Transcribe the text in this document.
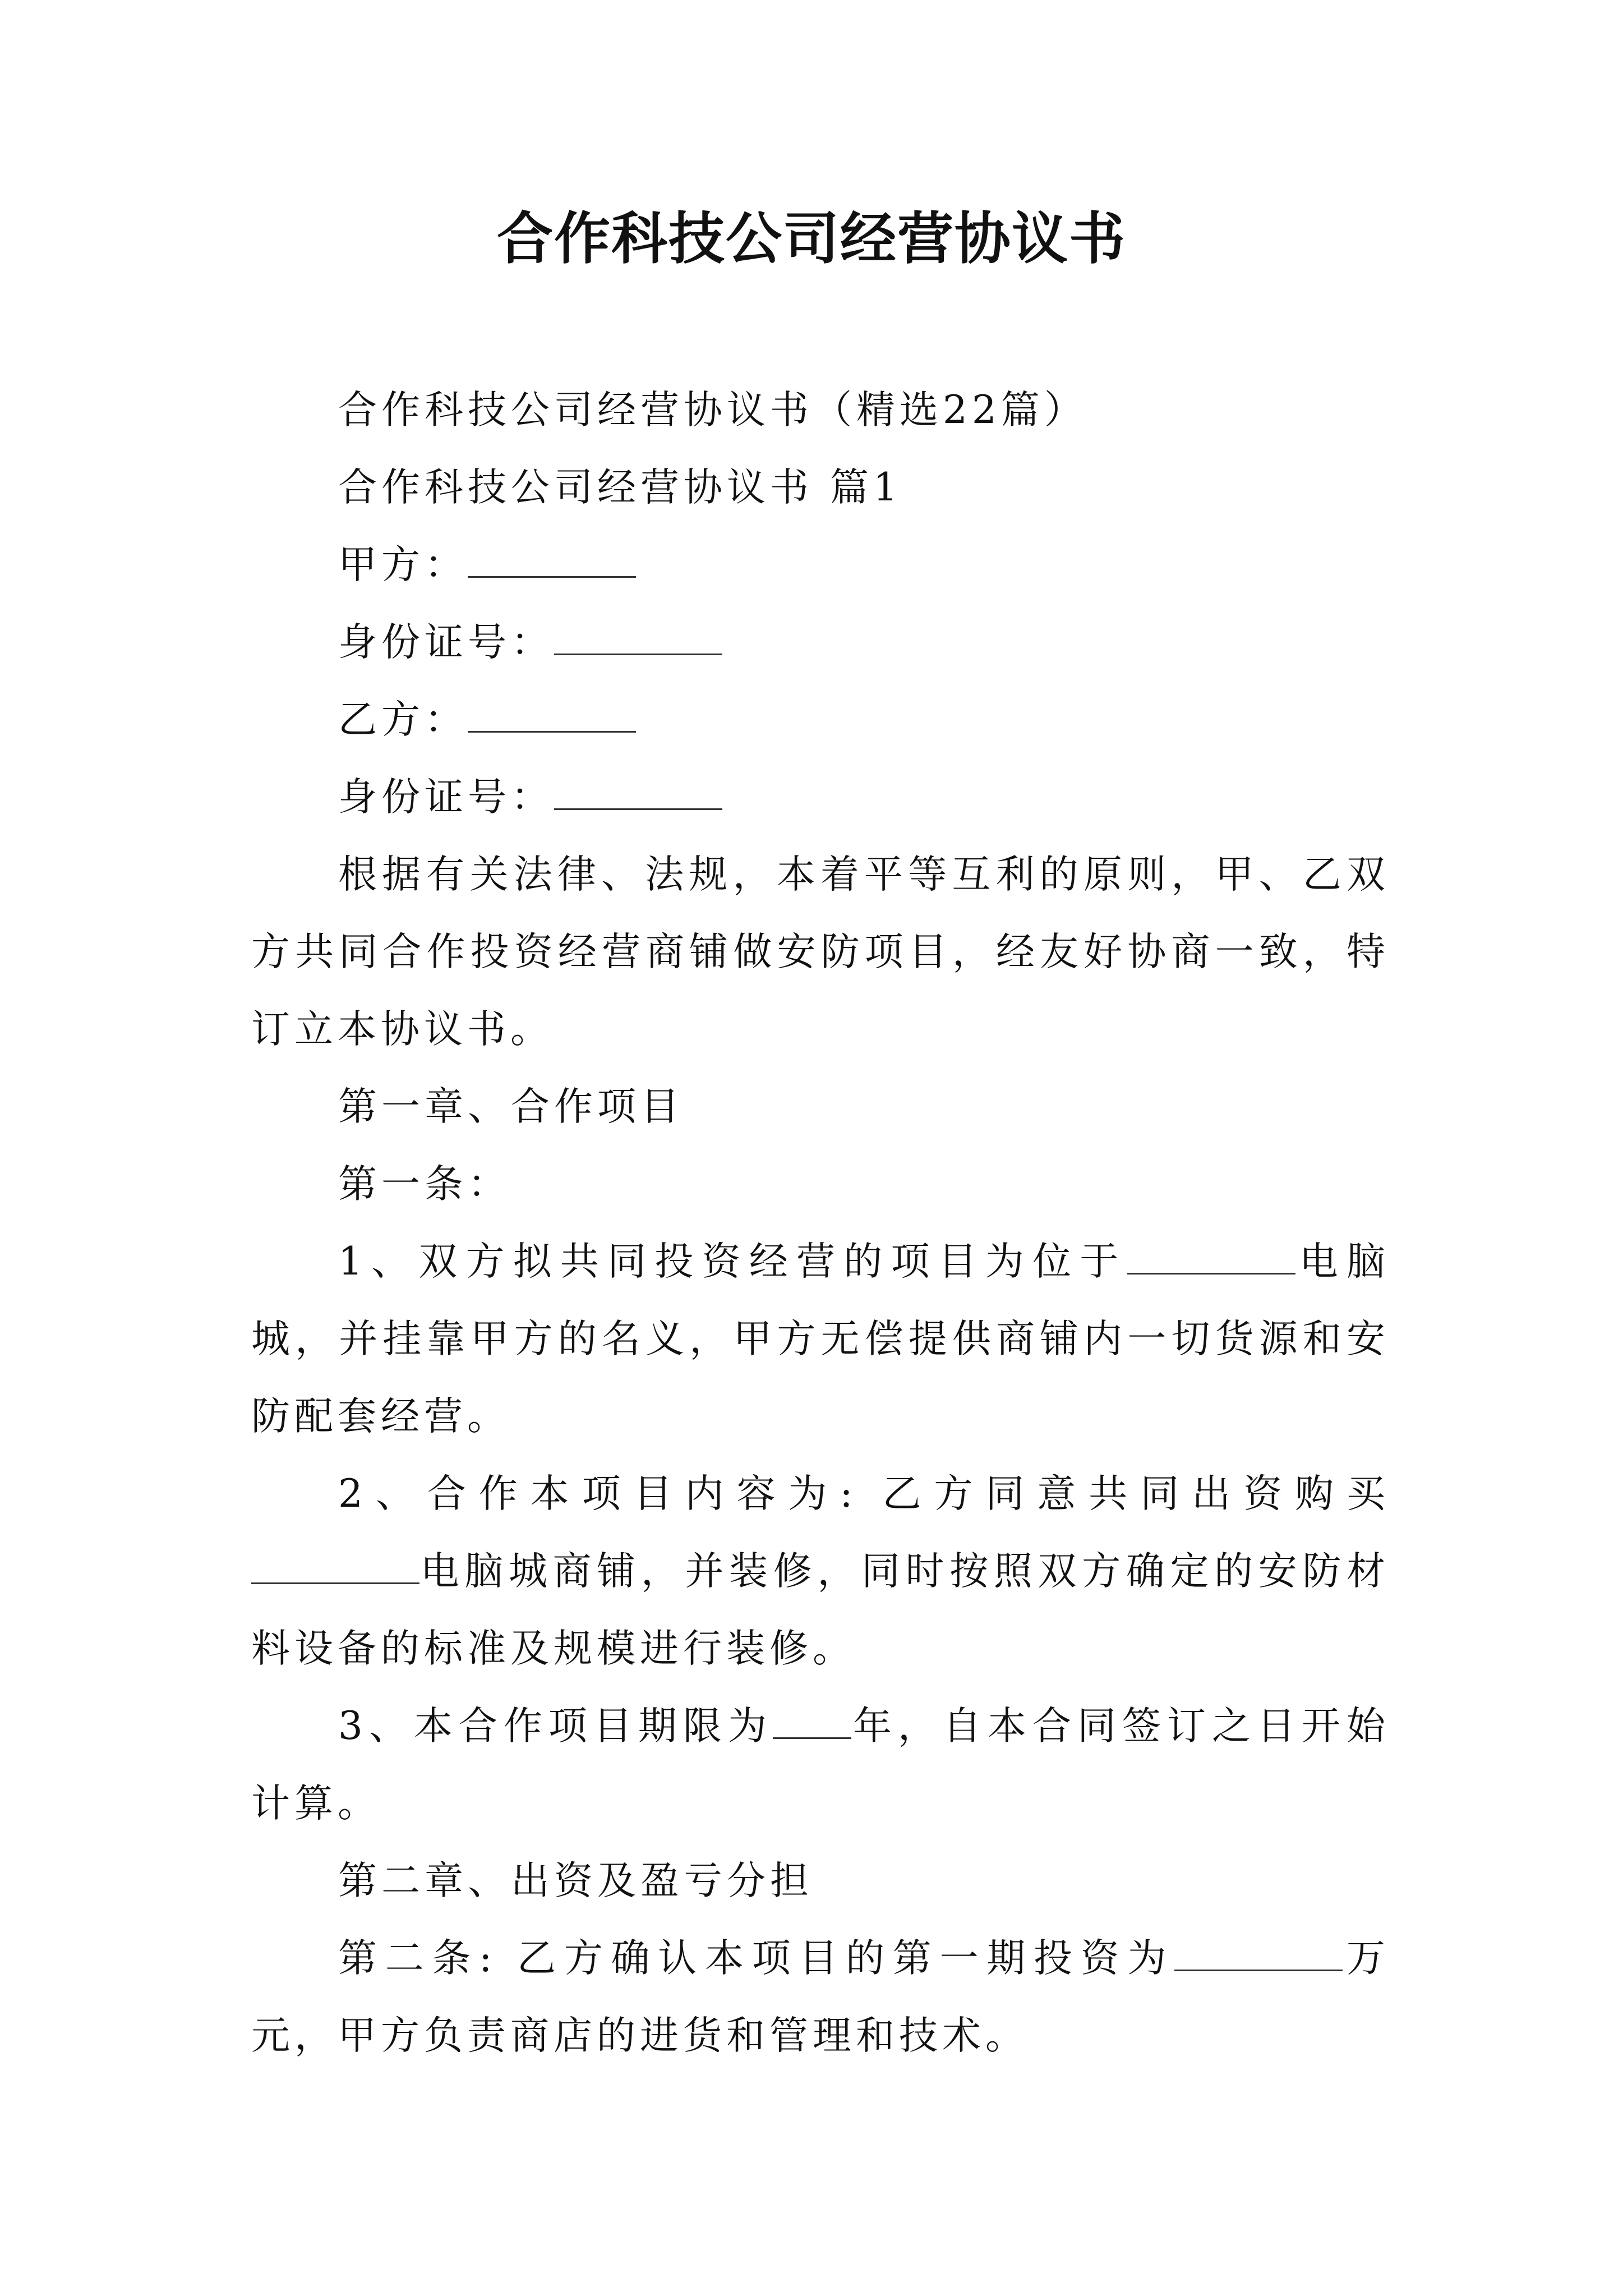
合作科技公司经营协议书

合作科技公司经营协议书（精选22篇）

合作科技公司经营协议书 篇1

甲方：

身份证号：

乙方：

身份证号：

根据有关法律、法规，本着平等互利的原则，甲、乙双方共同合作投资经营商铺做安防项目，经友好协商一致，特订立本协议书。

第一章、合作项目

第一条：

1、双方拟共同投资经营的项目为位于	电脑城，并挂靠甲方的名义，甲方无偿提供商铺内一切货源和安防配套经营。

2、合作本项目内容为: 乙方同意共同出资购买电脑城商铺，并装修，同时按照双方确定的安防材料设备的标准及规模进行装修。

3、本合作项目期限为 年，自本合同签订之日开始计算。

第二章、出资及盈亏分担

第二条: 乙方确认本项目的第一期投资为	万元，甲方负责商店的进货和管理和技术。
